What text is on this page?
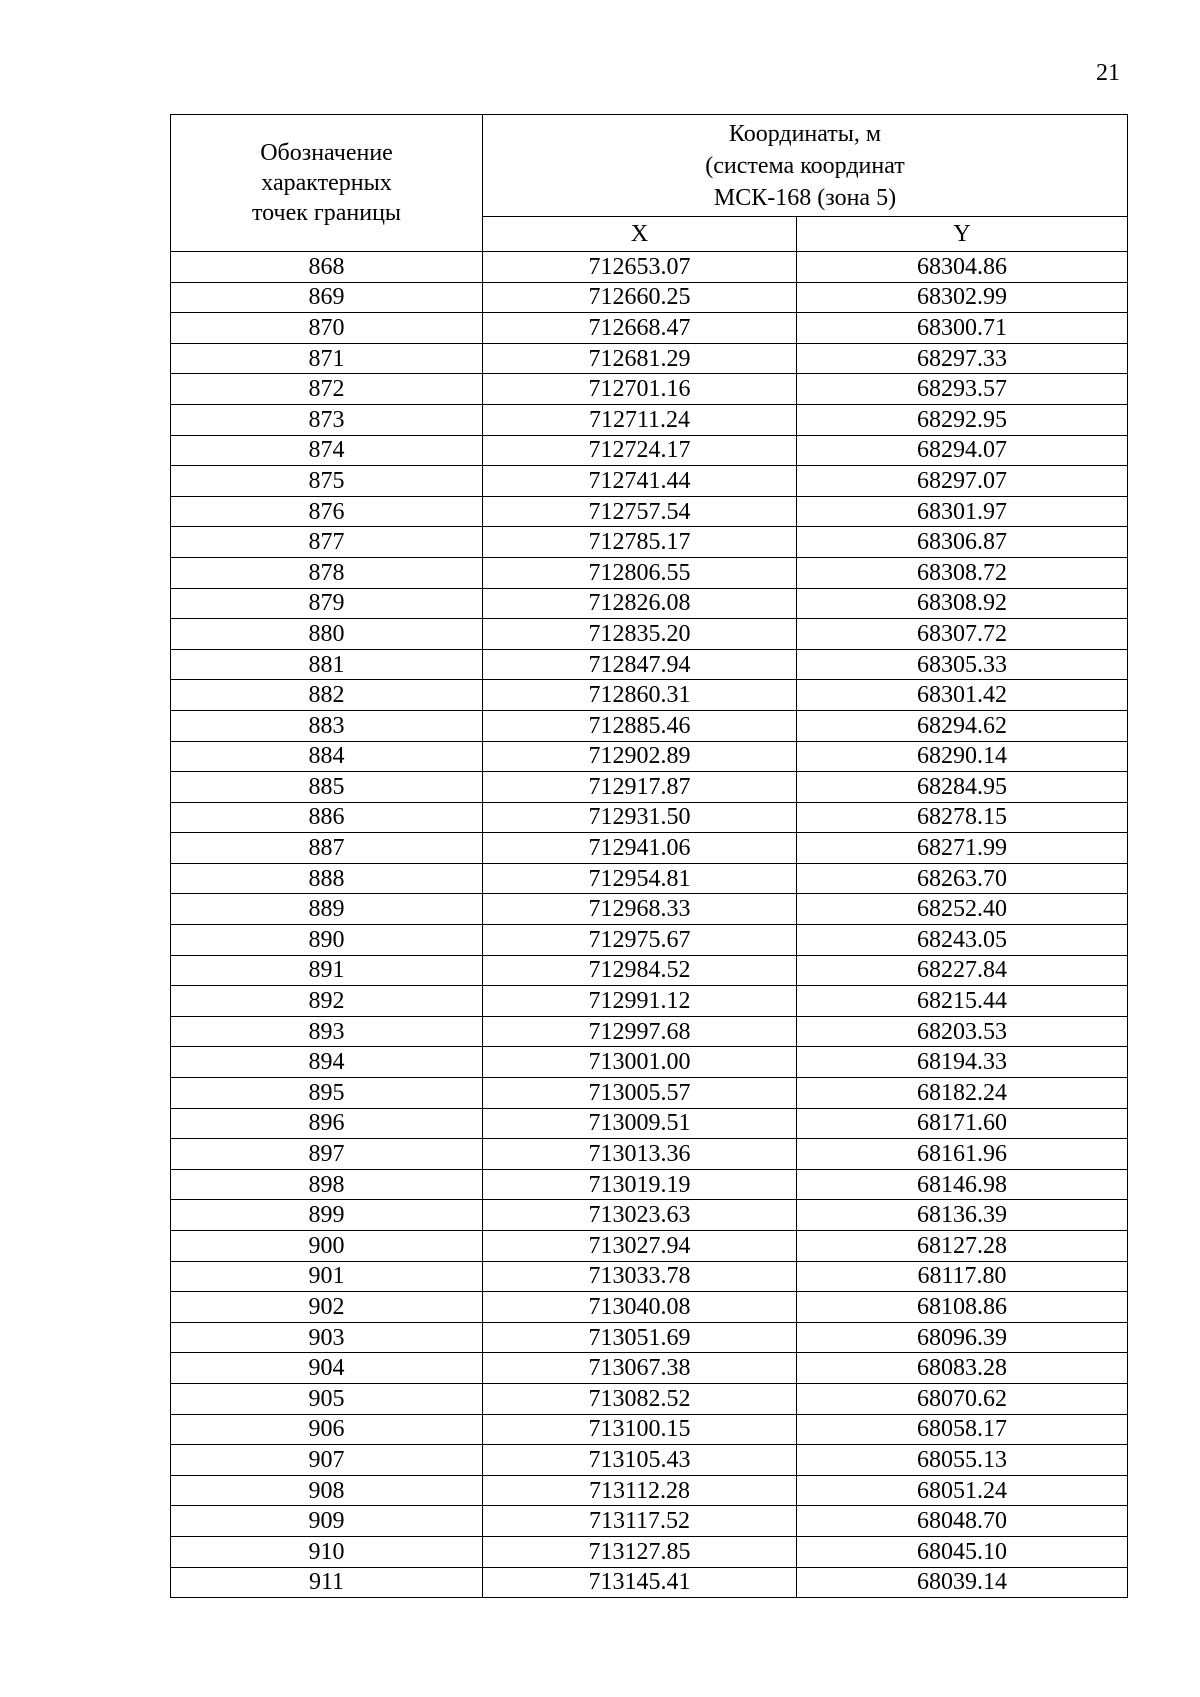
21
Обозначение
характерных
точек границы	Координаты, м
(система координат
МСК-168 (зона 5)	

	X	Y
868	712653.07	68304.86
869	712660.25	68302.99
870	712668.47	68300.71
871	712681.29	68297.33
872	712701.16	68293.57
873	712711.24	68292.95
874	712724.17	68294.07
875	712741.44	68297.07
876	712757.54	68301.97
877	712785.17	68306.87
878	712806.55	68308.72
879	712826.08	68308.92
880	712835.20	68307.72
881	712847.94	68305.33
882	712860.31	68301.42
883	712885.46	68294.62
884	712902.89	68290.14
885	712917.87	68284.95
886	712931.50	68278.15
887	712941.06	68271.99
888	712954.81	68263.70
889	712968.33	68252.40
890	712975.67	68243.05
891	712984.52	68227.84
892	712991.12	68215.44
893	712997.68	68203.53
894	713001.00	68194.33
895	713005.57	68182.24
896	713009.51	68171.60
897	713013.36	68161.96
898	713019.19	68146.98
899	713023.63	68136.39
900	713027.94	68127.28
901	713033.78	68117.80
902	713040.08	68108.86
903	713051.69	68096.39
904	713067.38	68083.28
905	713082.52	68070.62
906	713100.15	68058.17
907	713105.43	68055.13
908	713112.28	68051.24
909	713117.52	68048.70
910	713127.85	68045.10
911	713145.41	68039.14
